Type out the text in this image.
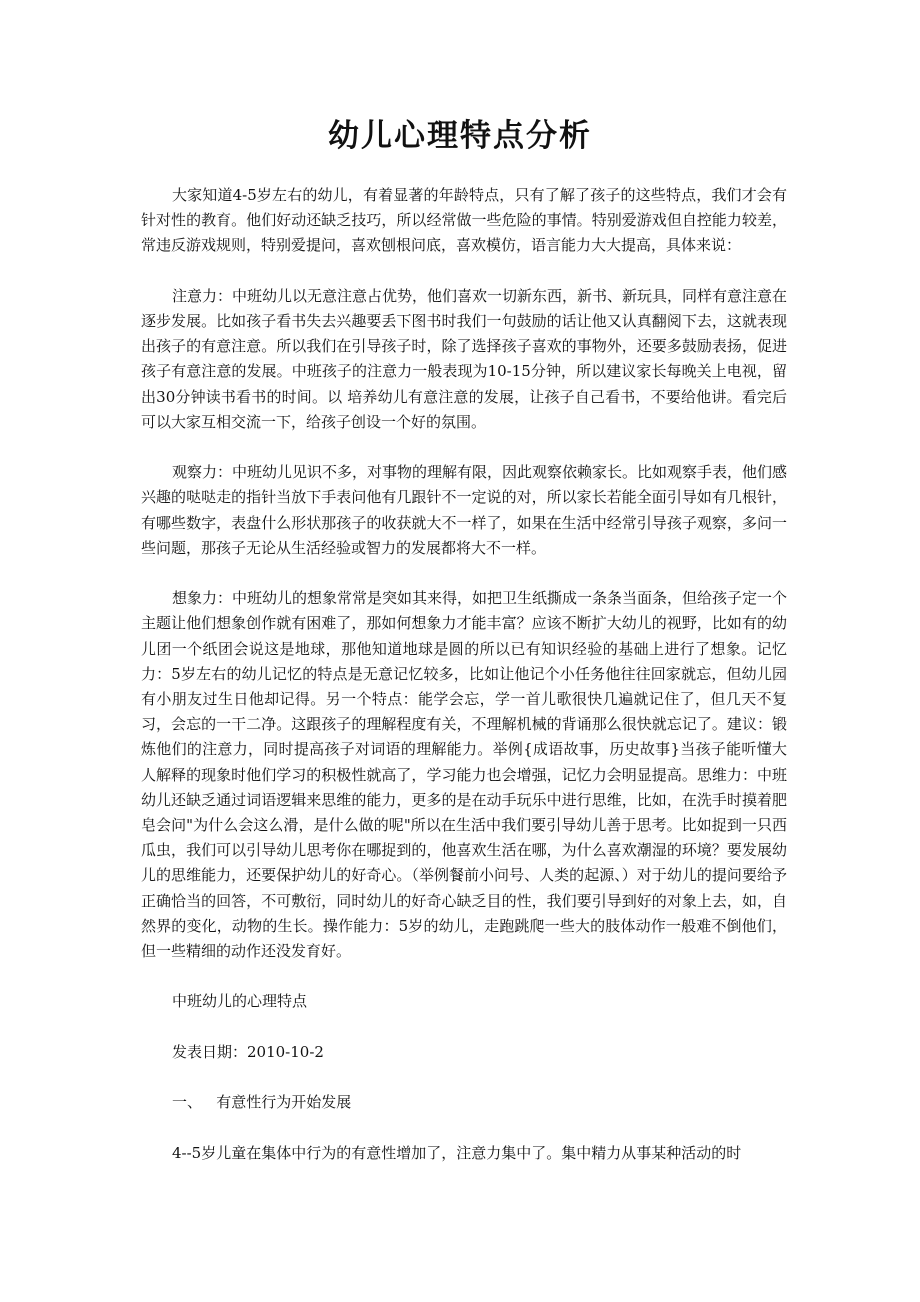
幼儿心理特点分析

大家知道4-5岁左右的幼儿，有着显著的年龄特点，只有了解了孩子的这些特点，我们才会有针对性的教育。他们好动还缺乏技巧，所以经常做一些危险的事情。特别爱游戏但自控能力较差，常违反游戏规则，特别爱提问，喜欢刨根问底，喜欢模仿，语言能力大大提高，具体来说：

注意力：中班幼儿以无意注意占优势，他们喜欢一切新东西，新书、新玩具，同样有意注意在逐步发展。比如孩子看书失去兴趣要丢下图书时我们一句鼓励的话让他又认真翻阅下去，这就表现出孩子的有意注意。所以我们在引导孩子时，除了选择孩子喜欢的事物外，还要多鼓励表扬，促进孩子有意注意的发展。中班孩子的注意力一般表现为10-15分钟，所以建议家长每晚关上电视，留出30分钟读书看书的时间。以 培养幼儿有意注意的发展，让孩子自己看书，不要给他讲。看完后可以大家互相交流一下，给孩子创设一个好的氛围。

观察力：中班幼儿见识不多，对事物的理解有限，因此观察依赖家长。比如观察手表，他们感兴趣的哒哒走的指针当放下手表问他有几跟针不一定说的对，所以家长若能全面引导如有几根针，有哪些数字，表盘什么形状那孩子的收获就大不一样了，如果在生活中经常引导孩子观察，多问一些问题，那孩子无论从生活经验或智力的发展都将大不一样。

想象力：中班幼儿的想象常常是突如其来得，如把卫生纸撕成一条条当面条，但给孩子定一个主题让他们想象创作就有困难了，那如何想象力才能丰富？应该不断扩大幼儿的视野，比如有的幼儿团一个纸团会说这是地球，那他知道地球是圆的所以已有知识经验的基础上进行了想象。记忆力：5岁左右的幼儿记忆的特点是无意记忆较多，比如让他记个小任务他往往回家就忘，但幼儿园有小朋友过生日他却记得。另一个特点：能学会忘，学一首儿歌很快几遍就记住了，但几天不复习，会忘的一干二净。这跟孩子的理解程度有关，不理解机械的背诵那么很快就忘记了。建议：锻炼他们的注意力，同时提高孩子对词语的理解能力。举例{成语故事，历史故事}当孩子能听懂大人解释的现象时他们学习的积极性就高了，学习能力也会增强，记忆力会明显提高。思维力：中班幼儿还缺乏通过词语逻辑来思维的能力，更多的是在动手玩乐中进行思维，比如，在洗手时摸着肥皂会问"为什么会这么滑，是什么做的呢"所以在生活中我们要引导幼儿善于思考。比如捉到一只西瓜虫，我们可以引导幼儿思考你在哪捉到的，他喜欢生活在哪，为什么喜欢潮湿的环境？要发展幼儿的思维能力，还要保护幼儿的好奇心。（举例餐前小问号、人类的起源、）对于幼儿的提问要给予正确恰当的回答，不可敷衍，同时幼儿的好奇心缺乏目的性，我们要引导到好的对象上去，如，自然界的变化，动物的生长。操作能力：5岁的幼儿，走跑跳爬一些大的肢体动作一般难不倒他们，但一些精细的动作还没发育好。

中班幼儿的心理特点

发表日期：2010-10-2

一、   有意性行为开始发展

4--5岁儿童在集体中行为的有意性增加了，注意力集中了。集中精力从事某种活动的时
